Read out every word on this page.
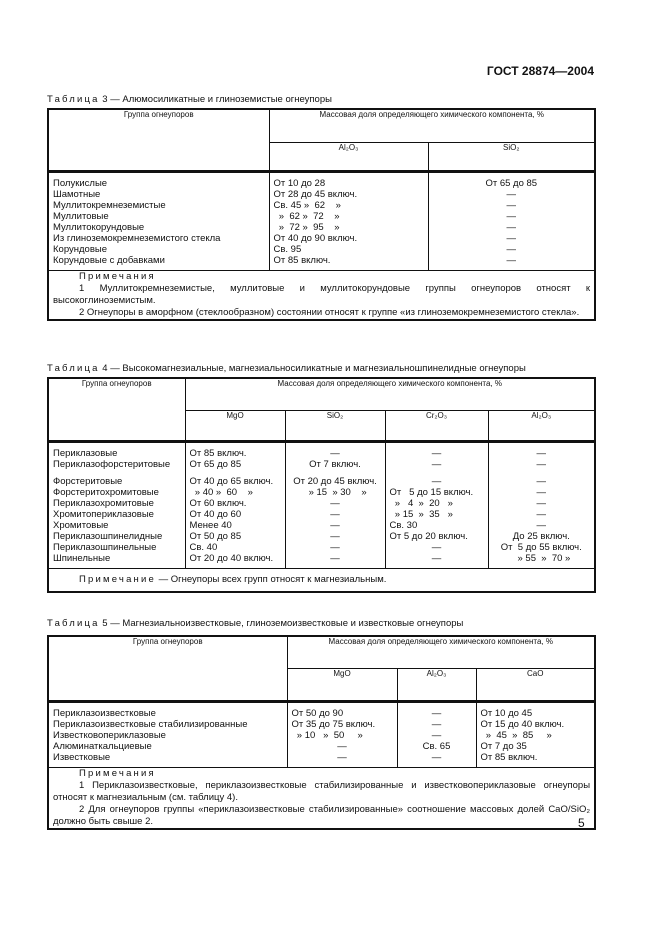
ГОСТ 28874—2004
Таблица 3 — Алюмосиликатные и глиноземистые огнеупоры
Группа огнеупоров	Массовая доля определяющего химического компонента, %	
	Al₂O₃	SiO₂
Полукислые	От 10 до 28	От 65 до 85
Шамотные	От 28 до 45 включ.	—
Муллитокремнеземистые	Св. 45 »  62    »	—
Муллитовые	»  62 »  72    »	—
Муллитокорундовые	»  72 »  95    »	—
Из глиноземокремнеземистого стекла	От 40 до 90 включ.	—
Корундовые	Св. 95	—
Корундовые с добавками	От 85 включ.	—

Примечания

1 Муллитокремнеземистые, муллитовые и муллитокорундовые группы огнеупоров относят к высокоглиноземистым.

2 Огнеупоры в аморфном (стеклообразном) состоянии относят к группе «из глиноземокремнеземистого стекла».		

Таблица 4 — Высокомагнезиальные, магнезиальносиликатные и магнезиальношпинелидные огнеупоры
Группа огнеупоров	Массовая доля определяющего химического компонента, %			
	MgO	SiO₂	Cr₂O₃	Al₂O₃
Периклазовые	От 85 включ.	—	—	—
Периклазофорстеритовые	От 65 до 85	От 7 включ.	—	—

Форстеритовые	От 40 до 65 включ.	От 20 до 45 включ.	—	—
Форстеритохромитовые	» 40 »  60    »	» 15  » 30    »	От   5 до 15 включ.	—
Периклазохромитовые	От 60 включ.	—	»   4  »  20   »	—
Хромитопериклазовые	От 40 до 60	—	» 15  »  35   »	—
Хромитовые	Менее 40	—	Св. 30	—
Периклазошпинелидные	От 50 до 85	—	От 5 до 20 включ.	До 25 включ.
Периклазошпинельные	Св. 40	—	—	От  5 до 55 включ.
Шпинельные	От 20 до 40 включ.	—	—	» 55  »  70 »
Примечание — Огнеупоры всех групп относят к магнезиальным.				
Таблица 5 — Магнезиальноизвестковые, глиноземоизвестковые и известковые огнеупоры
Группа огнеупоров	Массовая доля определяющего химического компонента, %		
	MgO	Al₂O₃	CaO
Периклазоизвестковые	От 50 до 90	—	От 10 до 45
Периклазоизвестковые стабилизированные	От 35 до 75 включ.	—	От 15 до 40 включ.
Известковопериклазовые	» 10   »  50     »	—	»  45  »  85     »
Алюминаткальциевые	—	Св. 65	От 7 до 35
Известковые	—	—	От 85 включ.

Примечания

1 Периклазоизвестковые, периклазоизвестковые стабилизированные и известковопериклазовые огнеупоры относят к магнезиальным (см. таблицу 4).

2 Для огнеупоров группы «периклазоизвестковые стабилизированные» соотношение массовых долей CaO/SiO₂ должно быть свыше 2.				5
